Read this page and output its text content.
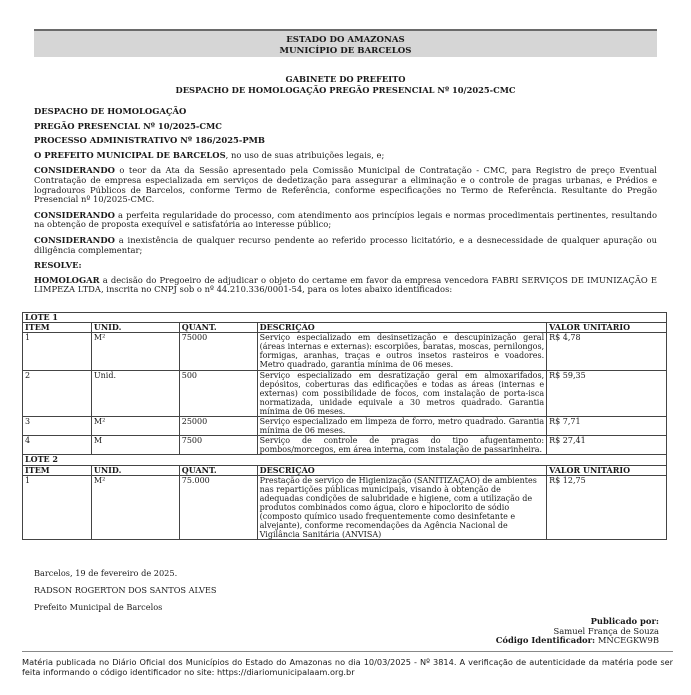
ESTADO DO AMAZONAS
MUNICÍPIO DE BARCELOS
GABINETE DO PREFEITO
DESPACHO DE HOMOLOGAÇÃO PREGÃO PRESENCIAL Nº 10/2025-CMC

DESPACHO DE HOMOLOGAÇÃO

PREGÃO PRESENCIAL Nº 10/2025-CMC

PROCESSO ADMINISTRATIVO Nº 186/2025-PMB

O PREFEITO MUNICIPAL DE BARCELOS, no uso de suas atribuições legais, e;

CONSIDERANDO o teor da Ata da Sessão apresentado pela Comissão Municipal de Contratação - CMC, para Registro de preço Eventual Contratação de empresa especializada em serviços de dedetização para assegurar a eliminação e o controle de pragas urbanas, e Prédios e logradouros Públicos de Barcelos, conforme Termo de Referência, conforme especificações no Termo de Referência. Resultante do Pregão Presencial nº 10/2025-CMC.

CONSIDERANDO a perfeita regularidade do processo, com atendimento aos princípios legais e normas procedimentais pertinentes, resultando na obtenção de proposta exequível e satisfatória ao interesse público;

CONSIDERANDO a inexistência de qualquer recurso pendente ao referido processo licitatório, e a desnecessidade de qualquer apuração ou diligência complementar;

RESOLVE:

HOMOLOGAR a decisão do Pregoeiro de adjudicar o objeto do certame em favor da empresa vencedora FABRI SERVIÇOS DE IMUNIZAÇÃO E LIMPEZA LTDA, inscrita no CNPJ sob o nº 44.210.336/0001-54, para os lotes abaixo identificados:

LOTE 1				
ITEM	UNID.	QUANT.	DESCRIÇÃO	VALOR UNITÁRIO
1	M²	75000	Serviço especializado em desinsetização e descupinização geral (áreas internas e externas): escorpiões, baratas, moscas, pernilongos, formigas, aranhas, traças e outros insetos rasteiros e voadores. Metro quadrado, garantia mínima de 06 meses.	R$ 4,78
2	Unid.	500	Serviço especializado em desratização geral em almoxarifados, depósitos, coberturas das edificações e todas as áreas (internas e externas) com possibilidade de focos, com instalação de porta-isca normatizada, unidade equivale a 30 metros quadrado. Garantia mínima de 06 meses.	R$ 59,35
3	M²	25000	Serviço especializado em limpeza de forro, metro quadrado. Garantia mínima de 06 meses.	R$ 7,71
4	M	7500	Serviço de controle de pragas do tipo afugentamento: pombos/morcegos, em área interna, com instalação de passarinheira.	R$ 27,41
LOTE 2				
ITEM	UNID.	QUANT.	DESCRIÇÃO	VALOR UNITÁRIO
1	M²	75.000	Prestação de serviço de Higienização (SANITIZAÇÃO) de ambientes nas repartições públicas municipais, visando à obtenção de adequadas condições de salubridade e higiene, com a utilização de produtos combinados como água, cloro e hipoclorito de sódio (composto químico usado frequentemente como desinfetante e alvejante), conforme recomendações da Agência Nacional de Vigilância Sanitária (ANVISA)	R$ 12,75
Barcelos, 19 de fevereiro de 2025.
RADSON ROGERTON DOS SANTOS ALVES
Prefeito Municipal de Barcelos
Publicado por:
Samuel França de Souza
Código Identificador: MNCEGKW9B
Matéria publicada no Diário Oficial dos Municípios do Estado do Amazonas no dia 10/03/2025 - Nº 3814. A verificação de autenticidade da matéria pode ser feita informando o código identificador no site: https://diariomunicipalaam.org.br
